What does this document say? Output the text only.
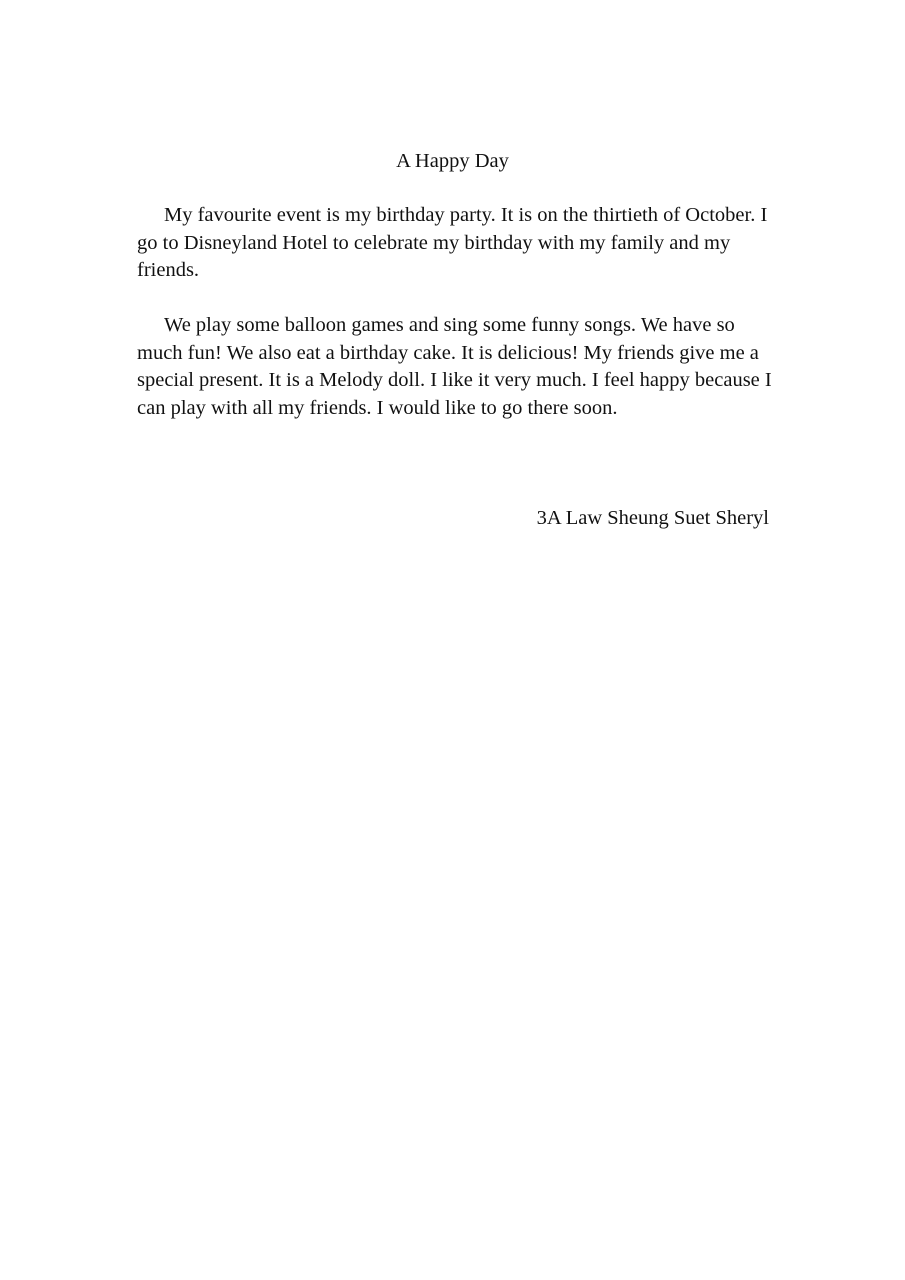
A Happy Day

My favourite event is my birthday party. It is on the thirtieth of October. I go to Disneyland Hotel to celebrate my birthday with my family and my friends.

We play some balloon games and sing some funny songs. We have so much fun! We also eat a birthday cake. It is delicious! My friends give me a special present. It is a Melody doll. I like it very much. I feel happy because I can play with all my friends. I would like to go there soon.

3A Law Sheung Suet Sheryl
